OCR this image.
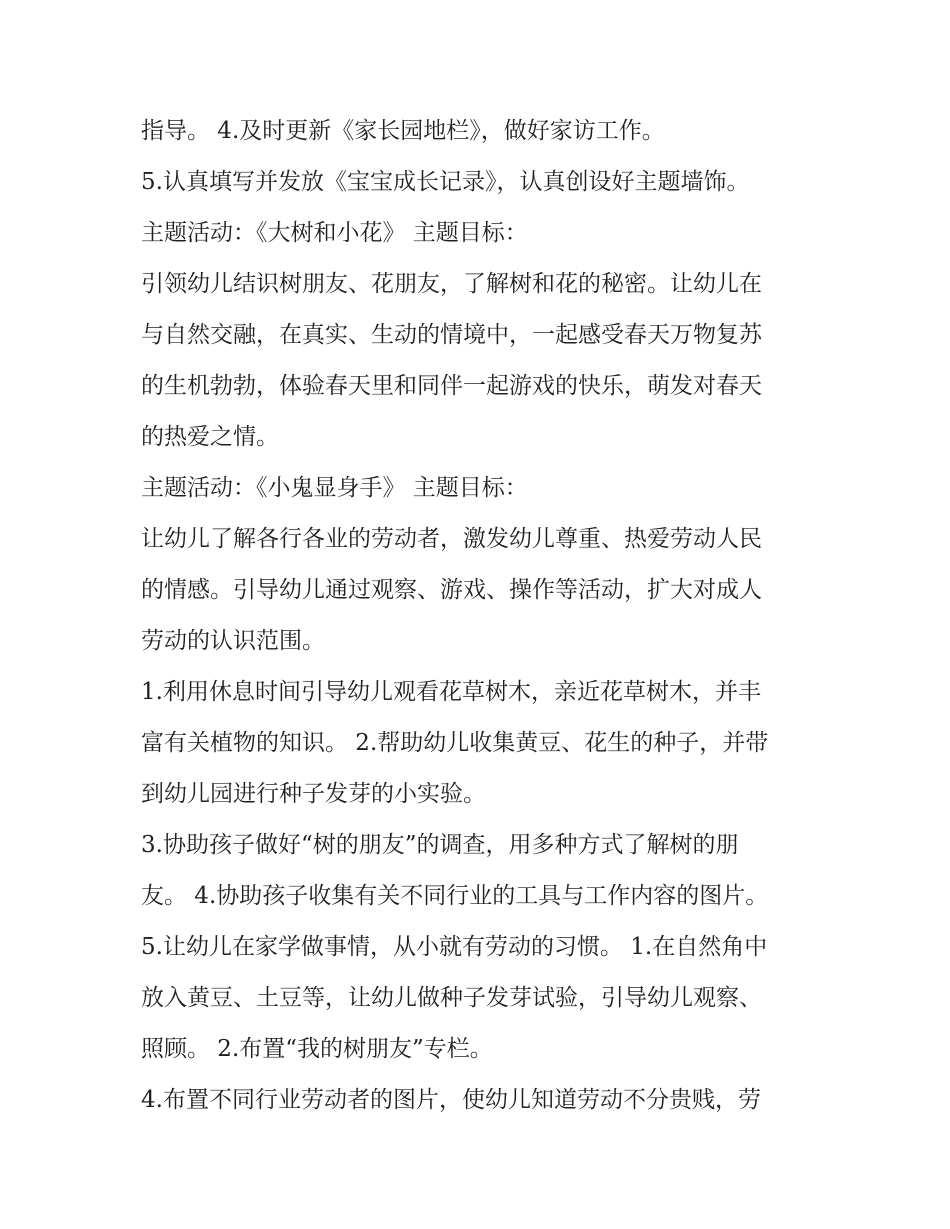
指导。 4.及时更新《家长园地栏》，做好家访工作。
5.认真填写并发放《宝宝成长记录》，认真创设好主题墙饰。
主题活动：《大树和小花》 主题目标：
引领幼儿结识树朋友、花朋友，了解树和花的秘密。让幼儿在
与自然交融，在真实、生动的情境中，一起感受春天万物复苏
的生机勃勃，体验春天里和同伴一起游戏的快乐，萌发对春天
的热爱之情。
主题活动：《小鬼显身手》 主题目标：
让幼儿了解各行各业的劳动者，激发幼儿尊重、热爱劳动人民
的情感。引导幼儿通过观察、游戏、操作等活动，扩大对成人
劳动的认识范围。
1.利用休息时间引导幼儿观看花草树木，亲近花草树木，并丰
富有关植物的知识。 2.帮助幼儿收集黄豆、花生的种子，并带
到幼儿园进行种子发芽的小实验。
3.协助孩子做好“树的朋友”的调查，用多种方式了解树的朋
友。 4.协助孩子收集有关不同行业的工具与工作内容的图片。
5.让幼儿在家学做事情，从小就有劳动的习惯。 1.在自然角中
放入黄豆、土豆等，让幼儿做种子发芽试验，引导幼儿观察、
照顾。 2.布置“我的树朋友”专栏。
4.布置不同行业劳动者的图片，使幼儿知道劳动不分贵贱，劳
